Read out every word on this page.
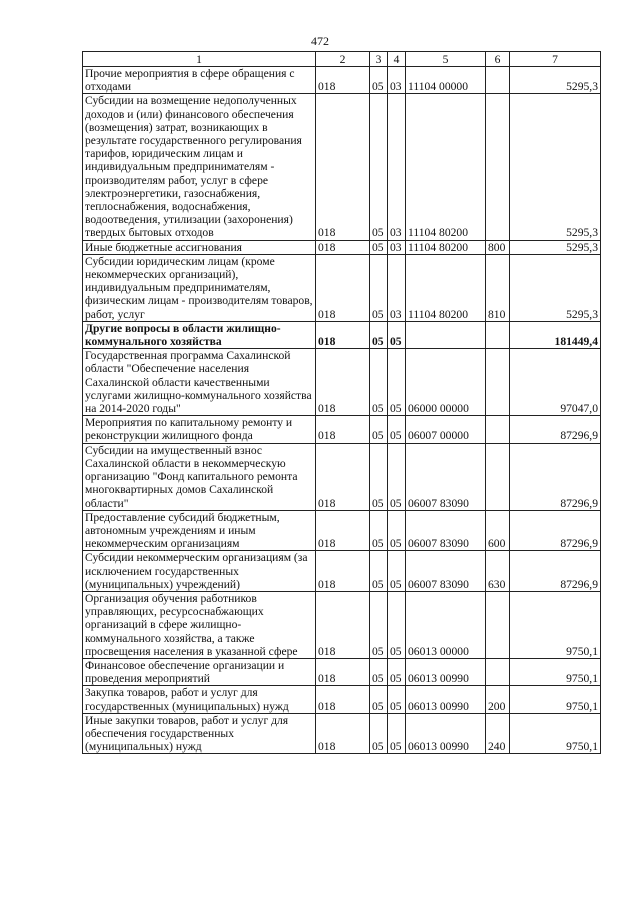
472
1	2	3	4	5	6	7
Прочие мероприятия в сфере обращения с отходами	018	05	03	11104 00000		5295,3
Субсидии на возмещение недополученных доходов и (или) финансового обеспечения (возмещения) затрат, возникающих в результате государственного регулирования тарифов, юридическим лицам и индивидуальным предпринимателям - производителям работ, услуг в сфере электроэнергетики, газоснабжения, теплоснабжения, водоснабжения, водоотведения, утилизации (захоронения) твердых бытовых отходов	018	05	03	11104 80200		5295,3
Иные бюджетные ассигнования	018	05	03	11104 80200	800	5295,3
Субсидии юридическим лицам (кроме некоммерческих организаций), индивидуальным предпринимателям, физическим лицам - производителям товаров, работ, услуг	018	05	03	11104 80200	810	5295,3
Другие вопросы в области жилищно-коммунального хозяйства	018	05	05			181449,4
Государственная программа Сахалинской области "Обеспечение населения Сахалинской области качественными услугами жилищно-коммунального хозяйства на 2014-2020 годы"	018	05	05	06000 00000		97047,0
Мероприятия по капитальному ремонту и реконструкции жилищного фонда	018	05	05	06007 00000		87296,9
Субсидии на имущественный взнос Сахалинской области в некоммерческую организацию "Фонд капитального ремонта многоквартирных домов Сахалинской области"	018	05	05	06007 83090		87296,9
Предоставление субсидий бюджетным, автономным учреждениям и иным некоммерческим организациям	018	05	05	06007 83090	600	87296,9
Субсидии некоммерческим организациям (за исключением государственных (муниципальных) учреждений)	018	05	05	06007 83090	630	87296,9
Организация обучения работников управляющих, ресурсоснабжающих организаций в сфере жилищно-коммунального хозяйства, а также просвещения населения в указанной сфере	018	05	05	06013 00000		9750,1
Финансовое обеспечение организации и проведения мероприятий	018	05	05	06013 00990		9750,1
Закупка товаров, работ и услуг для государственных (муниципальных) нужд	018	05	05	06013 00990	200	9750,1
Иные закупки товаров, работ и услуг для обеспечения государственных (муниципальных) нужд	018	05	05	06013 00990	240	9750,1
